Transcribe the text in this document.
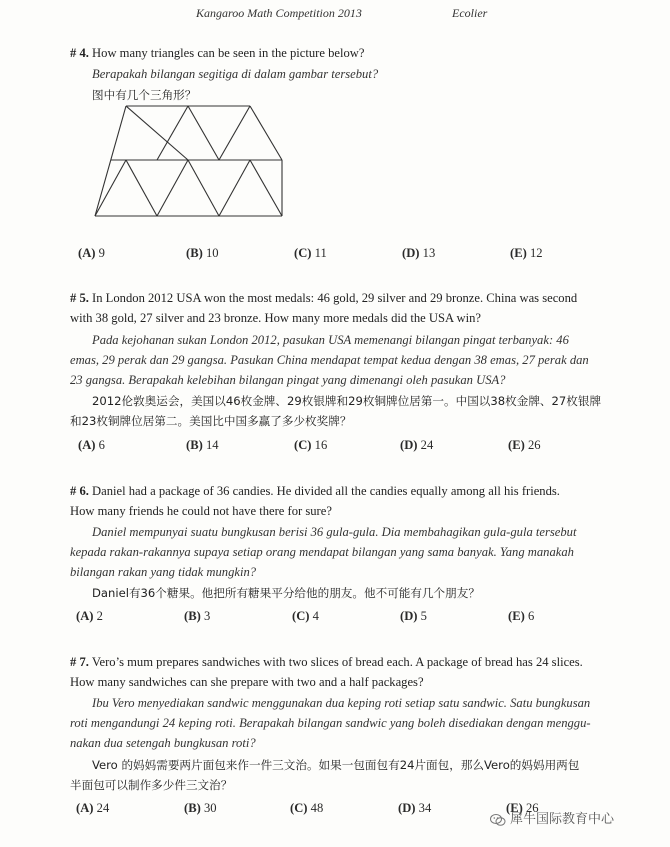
Kangaroo Math Competition 2013	Ecolier
# 4. How many triangles can be seen in the picture below?
Berapakah bilangan segitiga di dalam gambar tersebut?
图中有几个三角形？
(A) 9	(B) 10	(C) 11	(D) 13	(E) 12
# 5. In London 2012 USA won the most medals: 46 gold, 29 silver and 29 bronze. China was second
with 38 gold, 27 silver and 23 bronze. How many more medals did the USA win?
Pada kejohanan sukan London 2012, pasukan USA memenangi bilangan pingat terbanyak: 46
emas, 29 perak dan 29 gangsa. Pasukan China mendapat tempat kedua dengan 38 emas, 27 perak dan
23 gangsa. Berapakah kelebihan bilangan pingat yang dimenangi oleh pasukan USA?
2012伦敦奥运会，美国以46枚金牌、29枚银牌和29枚铜牌位居第一。中国以38枚金牌、27枚银牌
和23枚铜牌位居第二。美国比中国多赢了多少枚奖牌？
(A) 6	(B) 14	(C) 16	(D) 24	(E) 26
# 6. Daniel had a package of 36 candies. He divided all the candies equally among all his friends.
How many friends he could not have there for sure?
Daniel mempunyai suatu bungkusan berisi 36 gula-gula. Dia membahagikan gula-gula tersebut
kepada rakan-rakannya supaya setiap orang mendapat bilangan yang sama banyak. Yang manakah
bilangan rakan yang tidak mungkin?
Daniel有36个糖果。他把所有糖果平分给他的朋友。他不可能有几个朋友？
(A) 2	(B) 3	(C) 4	(D) 5	(E) 6
# 7. Vero’s mum prepares sandwiches with two slices of bread each. A package of bread has 24 slices.
How many sandwiches can she prepare with two and a half packages?
Ibu Vero menyediakan sandwic menggunakan dua keping roti setiap satu sandwic. Satu bungkusan
roti mengandungi 24 keping roti. Berapakah bilangan sandwic yang boleh disediakan dengan menggu-
nakan dua setengah bungkusan roti?
Vero 的妈妈需要两片面包来作一件三文治。如果一包面包有24片面包，那么Vero的妈妈用两包
半面包可以制作多少件三文治？
(A) 24	(B) 30	(C) 48	(D) 34	(E) 26
犀牛国际教育中心
